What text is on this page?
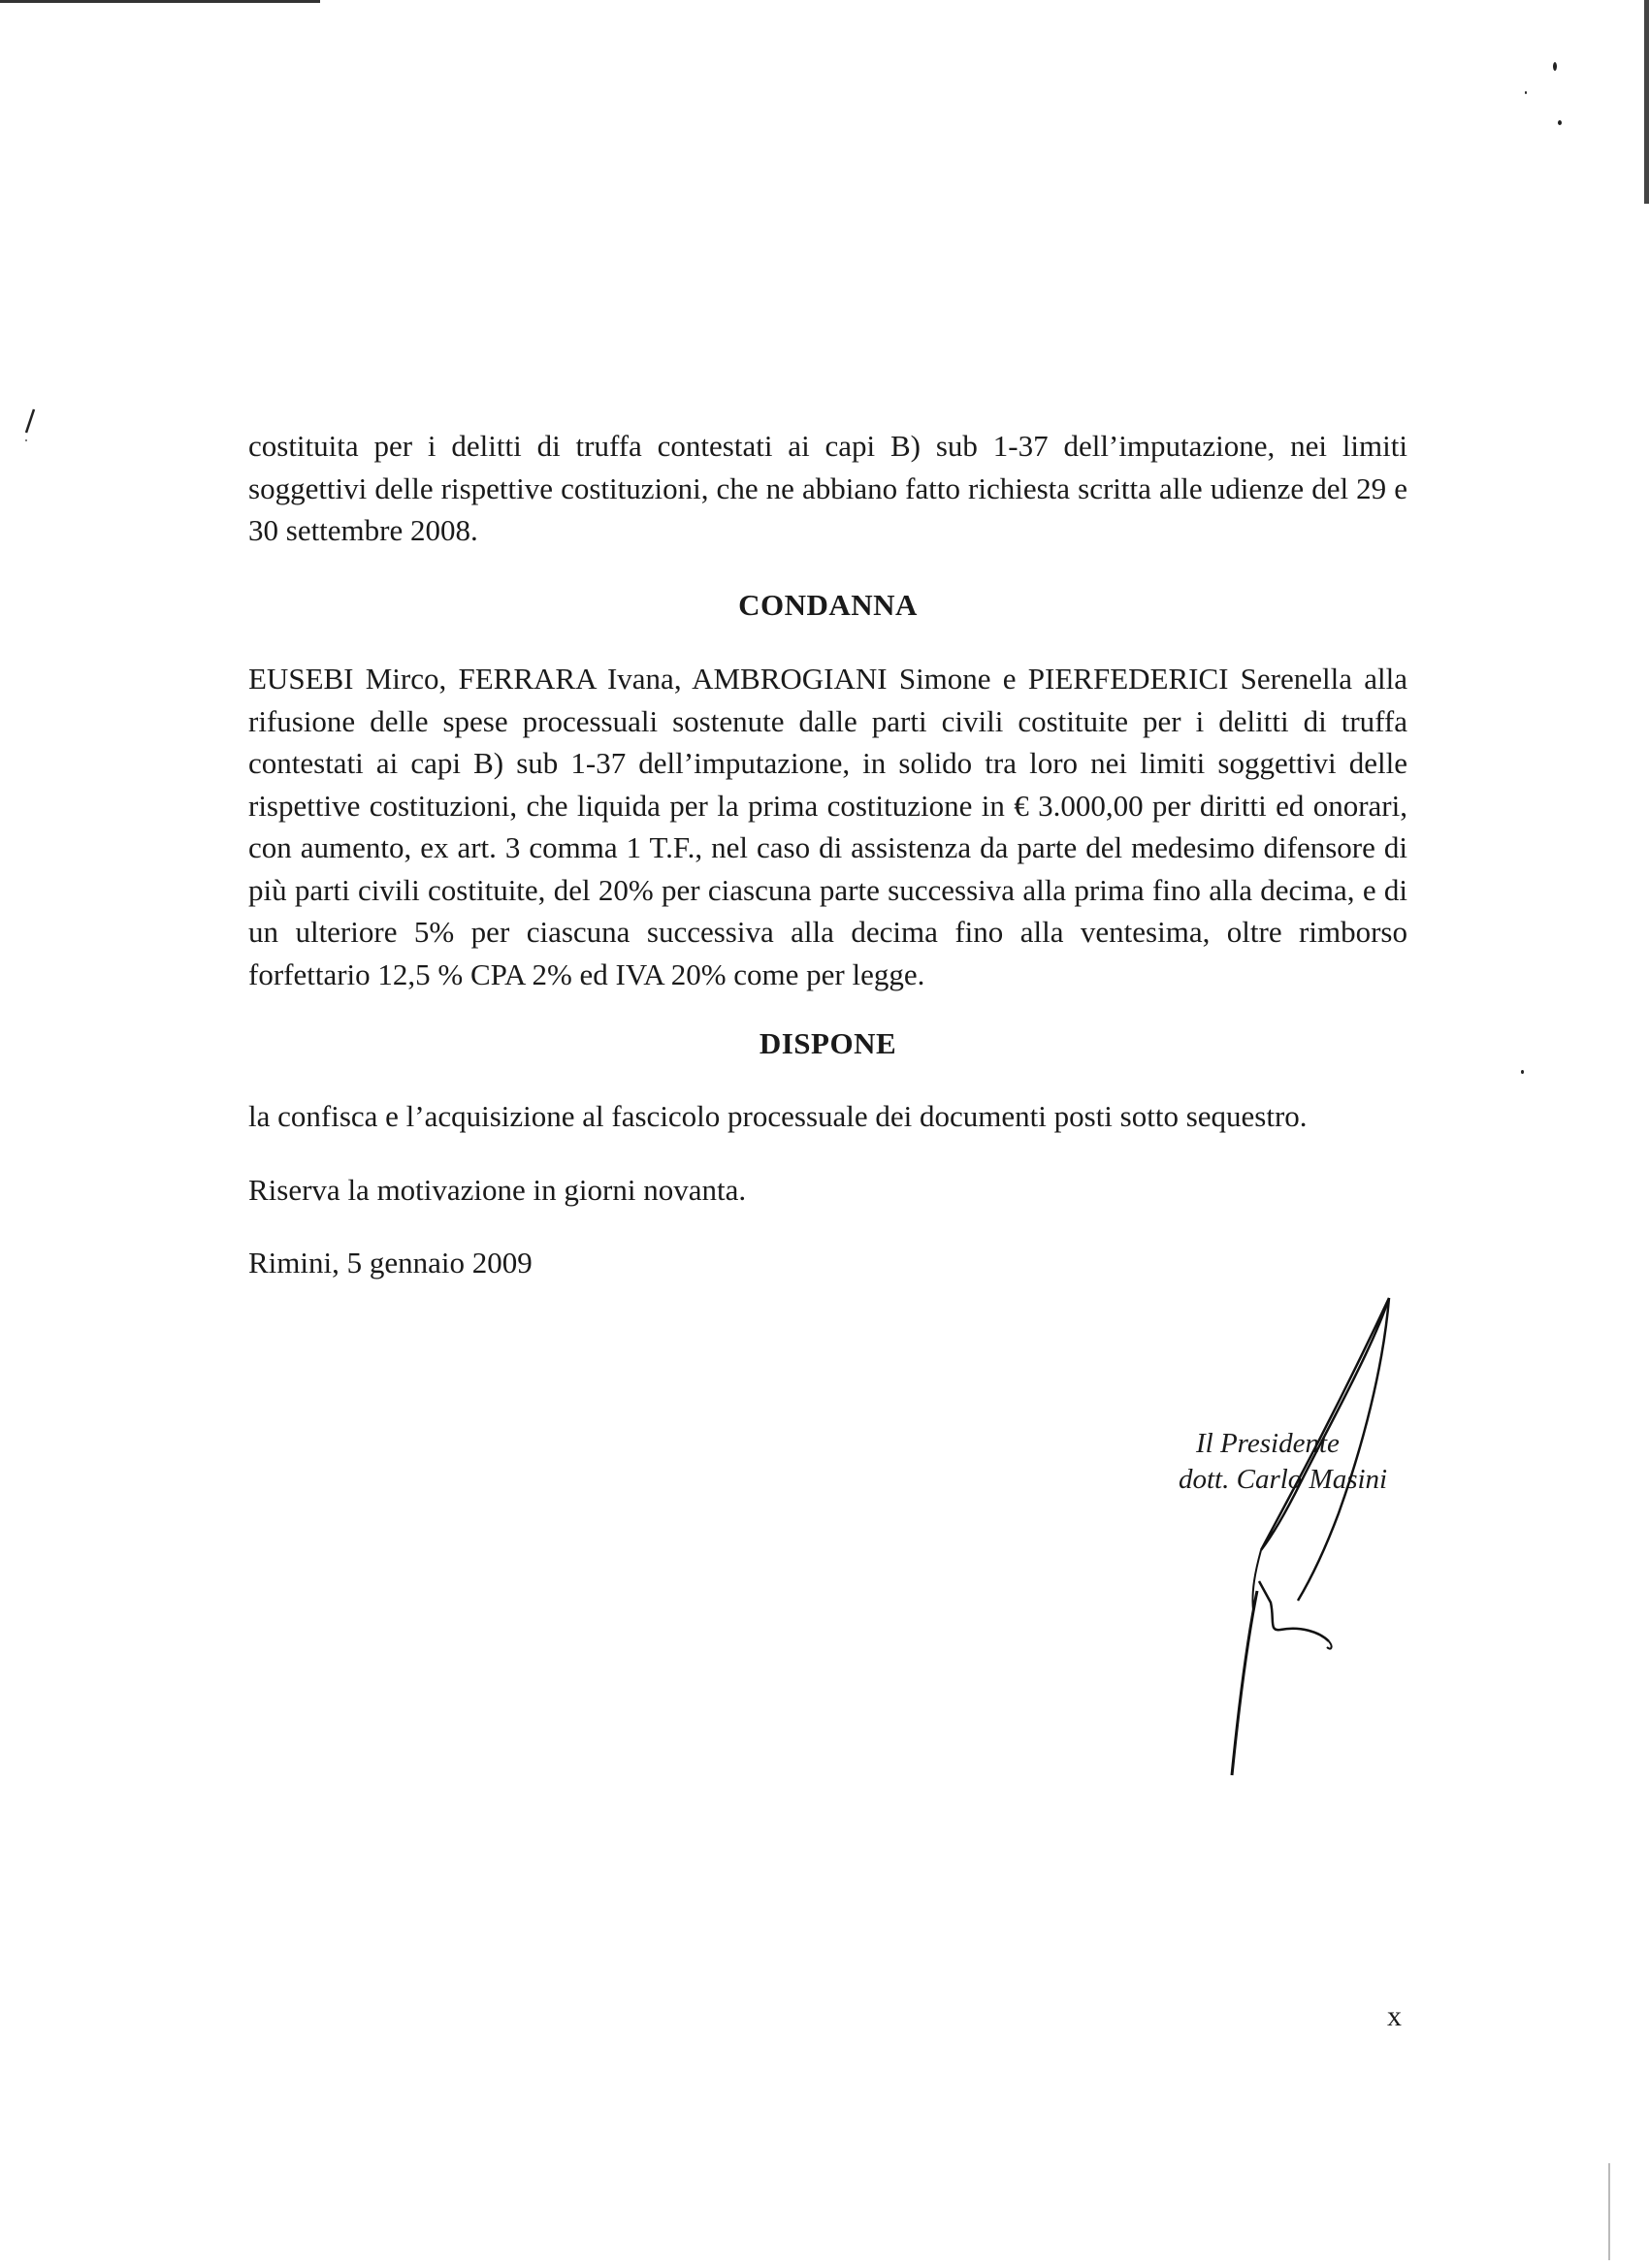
costituita per i delitti di truffa contestati ai capi B) sub 1-37 dell’imputazione, nei limiti soggettivi delle rispettive costituzioni, che ne abbiano fatto richiesta scritta alle udienze del 29 e 30 settembre 2008.

CONDANNA

EUSEBI Mirco, FERRARA Ivana, AMBROGIANI Simone e PIERFEDERICI Serenella alla rifusione delle spese processuali sostenute dalle parti civili costituite per i delitti di truffa contestati ai capi B) sub 1-37 dell’imputazione, in solido tra loro nei limiti soggettivi delle rispettive costituzioni, che liquida per la prima costituzione in € 3.000,00 per diritti ed onorari, con aumento, ex art. 3 comma 1 T.F., nel caso di assistenza da parte del medesimo difensore di più parti civili costituite, del 20% per ciascuna parte successiva alla prima fino alla decima, e di un ulteriore 5% per ciascuna successiva alla decima fino alla ventesima, oltre rimborso forfettario 12,5 % CPA 2% ed IVA 20% come per legge.

DISPONE

la confisca e l’acquisizione al fascicolo processuale dei documenti posti sotto sequestro.

Riserva la motivazione in giorni novanta.

Rimini, 5 gennaio 2009

Il Presidente
dott. Carlo Masini
x
